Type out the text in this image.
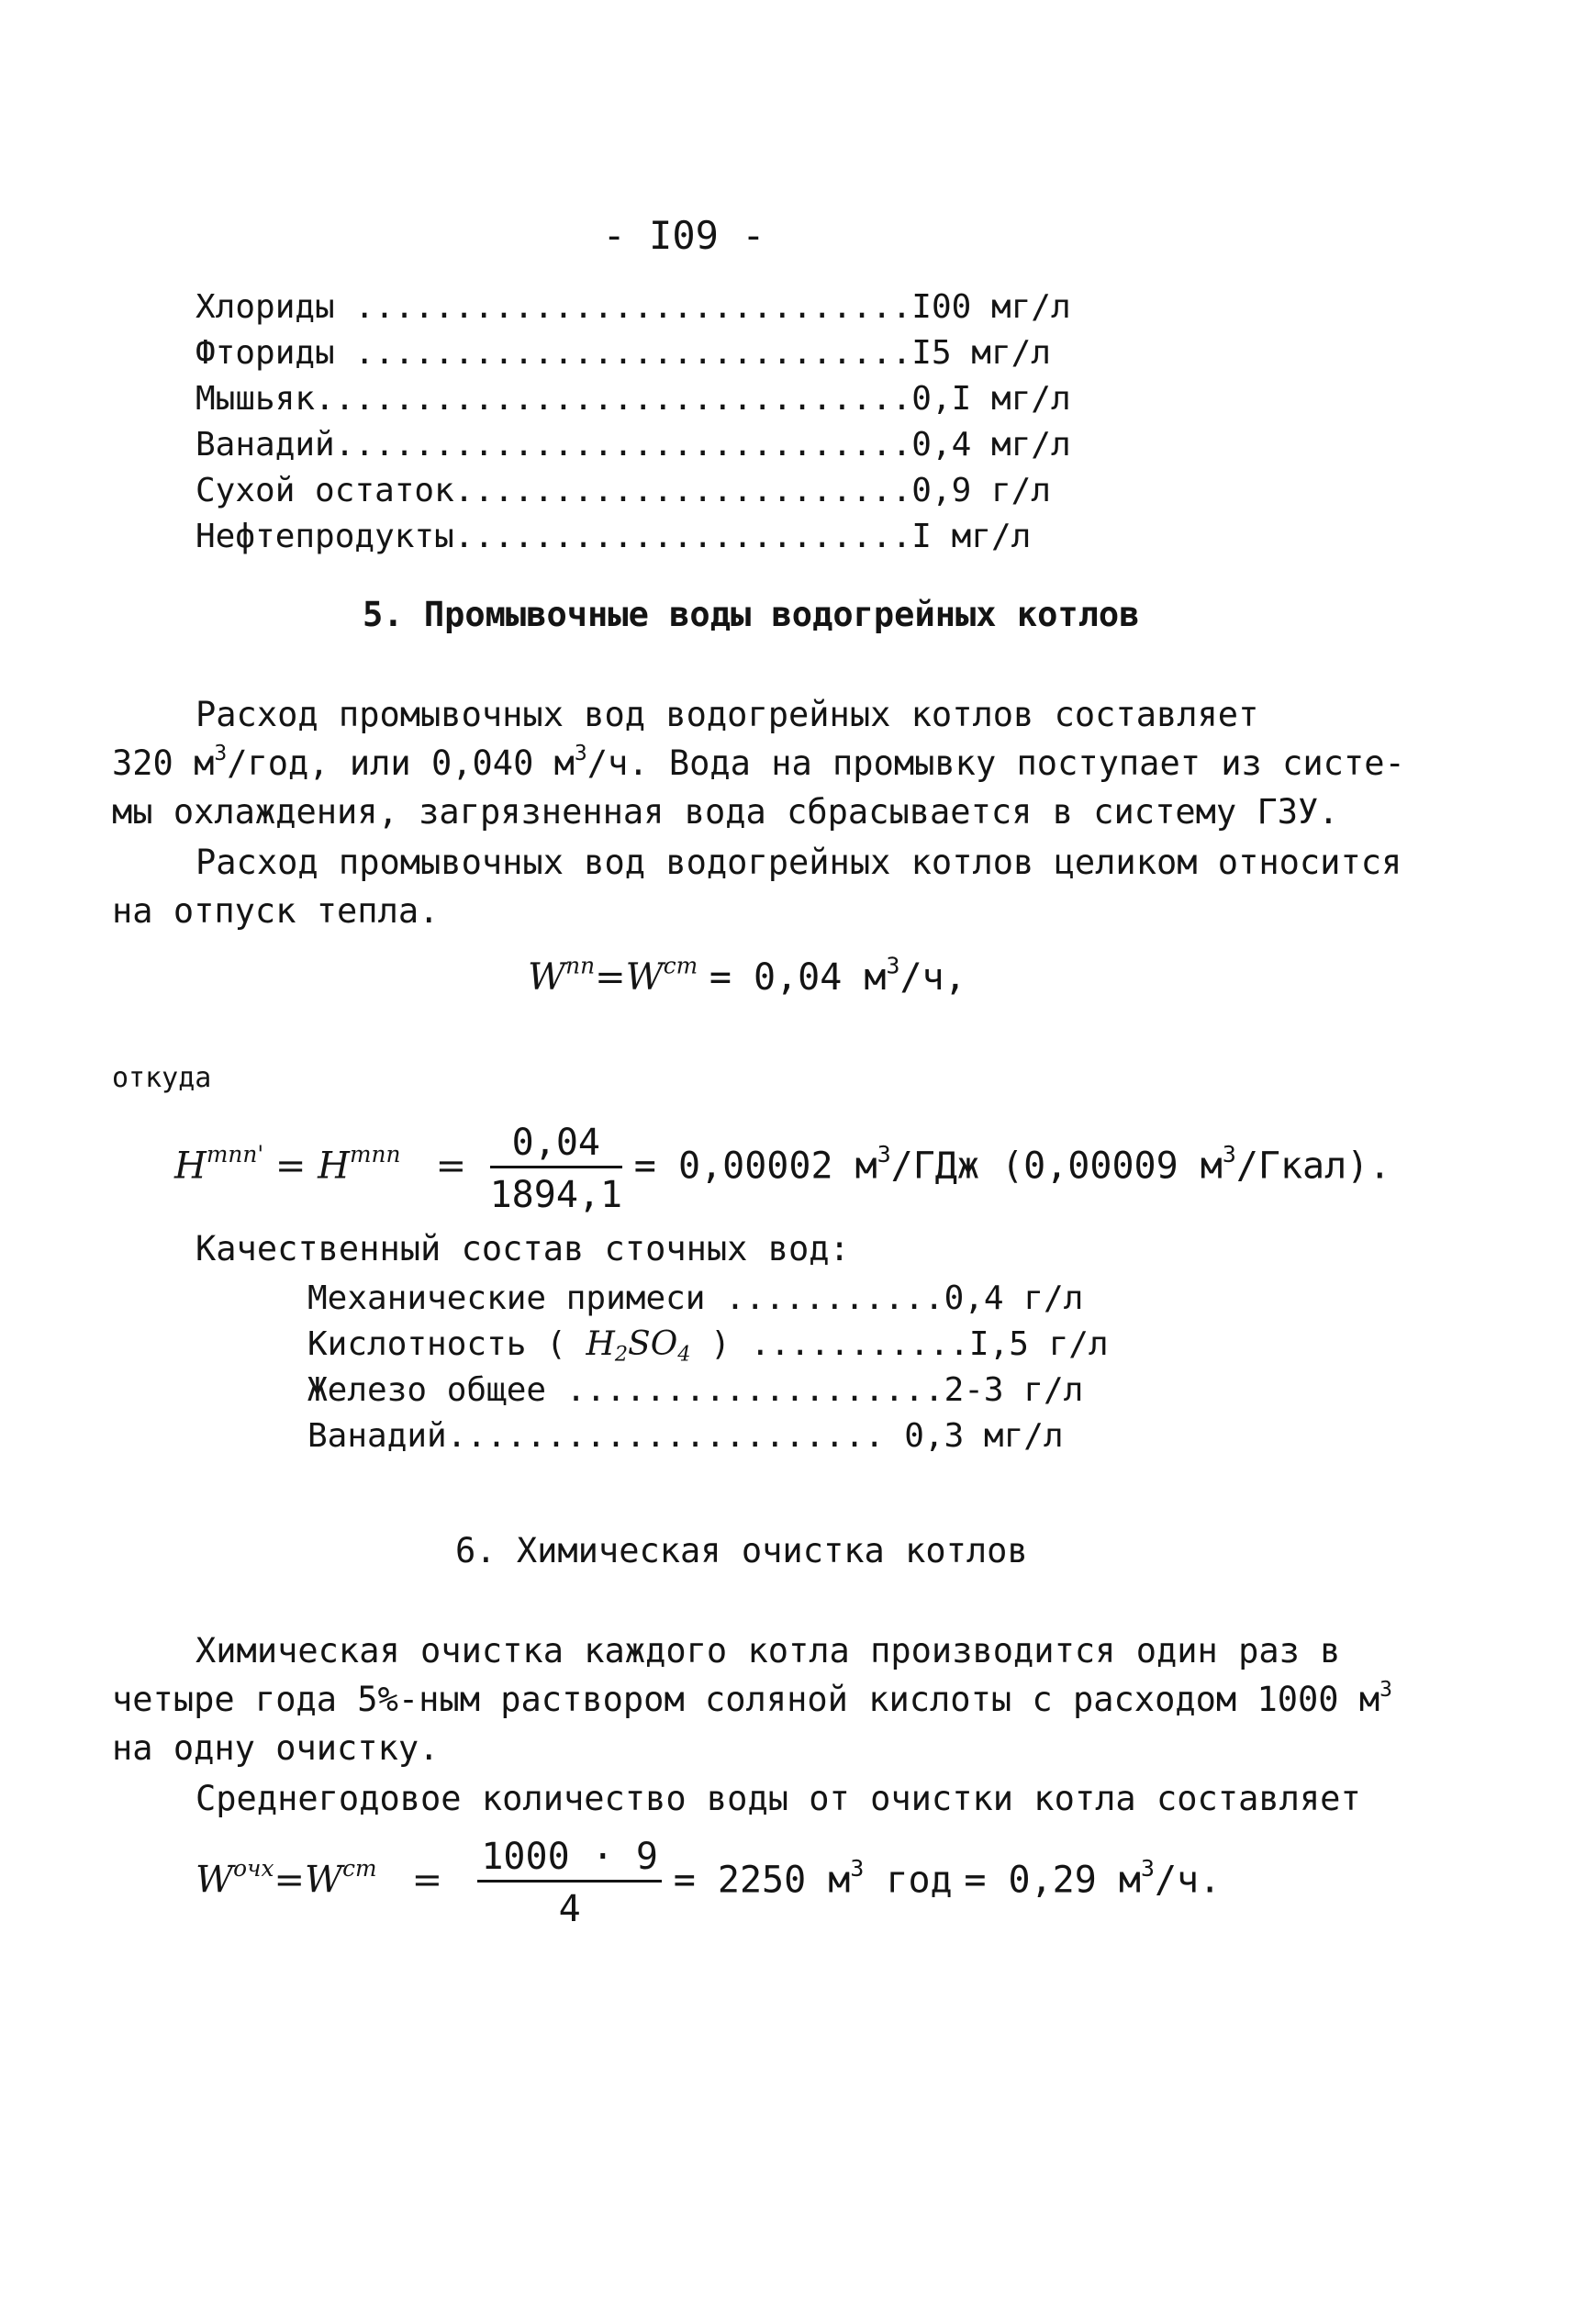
- I09 -
Хлориды ............................I00 мг/л
Фториды ............................I5 мг/л
Мышьяк..............................0,I мг/л
Ванадий.............................0,4 мг/л
Сухой остаток.......................0,9 г/л
Нефтепродукты.......................I мг/л
5. Промывочные воды водогрейных котлов
Расход промывочных вод водогрейных котлов составляет
320 $м^3$/год, или 0,040 $м^3/ч$. Вода на промывку поступает из систе-
мы охлаждения, загрязненная вода сбрасывается в систему ГЗУ.
Расход промывочных вод водогрейных котлов целиком относится
на отпуск тепла.
$W^{пп}=W^{ст} = 0,04$ $м^3/ч$,
откуда
$H^{тпп'} = H^{тпп} = \frac{0,04}{1894,1} = 0,00002$ $м^3$/ГДж (0,00009 $м^3/Гкал$).
Качественный состав сточных вод:
Механические примеси ...........0,4 г/л
Кислотность ( $H_2SO_4$ ) ...........I,5 г/л
Железо общее ...................2-3 г/л
Ванадий...................... 0,3 мг/л
6. Химическая очистка котлов
Химическая очистка каждого котла производится один раз в
четыре года 5%-ным раствором соляной кислоты с расходом 1000 $м^3$
на одну очистку.
Среднегодовое количество воды от очистки котла составляет
$W^{очх}=W^{ст} = \frac{1000 \cdot 9}{4} = 2250$ $м^3$ год = 0,29 $м^3/ч$.
